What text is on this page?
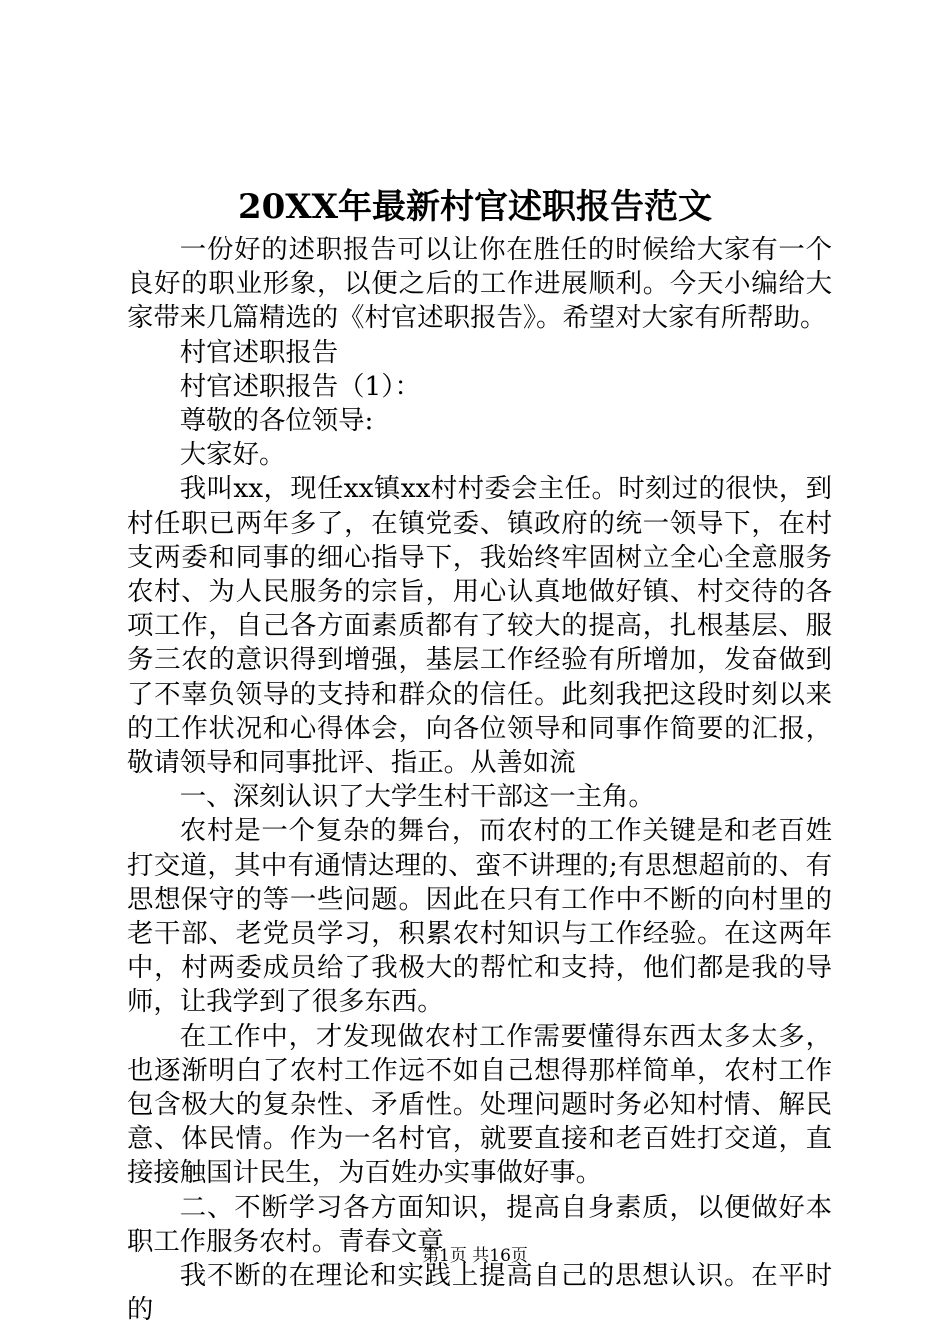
20XX年最新村官述职报告范文

一份好的述职报告可以让你在胜任的时候给大家有一个良好的职业形象，以便之后的工作进展顺利。今天小编给大家带来几篇精选的《村官述职报告》。希望对大家有所帮助。

村官述职报告

村官述职报告（1）：

尊敬的各位领导:

大家好。

我叫xx，现任xx镇xx村村委会主任。时刻过的很快，到村任职已两年多了，在镇党委、镇政府的统一领导下，在村支两委和同事的细心指导下，我始终牢固树立全心全意服务农村、为人民服务的宗旨，用心认真地做好镇、村交待的各项工作，自己各方面素质都有了较大的提高，扎根基层、服务三农的意识得到增强，基层工作经验有所增加，发奋做到了不辜负领导的支持和群众的信任。此刻我把这段时刻以来的工作状况和心得体会，向各位领导和同事作简要的汇报，敬请领导和同事批评、指正。从善如流

一、深刻认识了大学生村干部这一主角。

农村是一个复杂的舞台，而农村的工作关键是和老百姓打交道，其中有通情达理的、蛮不讲理的;有思想超前的、有思想保守的等一些问题。因此在只有工作中不断的向村里的老干部、老党员学习，积累农村知识与工作经验。在这两年中，村两委成员给了我极大的帮忙和支持，他们都是我的导师，让我学到了很多东西。

在工作中，才发现做农村工作需要懂得东西太多太多，也逐渐明白了农村工作远不如自己想得那样简单，农村工作包含极大的复杂性、矛盾性。处理问题时务必知村情、解民意、体民情。作为一名村官，就要直接和老百姓打交道，直接接触国计民生，为百姓办实事做好事。

二、不断学习各方面知识，提高自身素质，以便做好本职工作服务农村。青春文章

我不断的在理论和实践上提高自己的思想认识。在平时的

第1页 共16页
